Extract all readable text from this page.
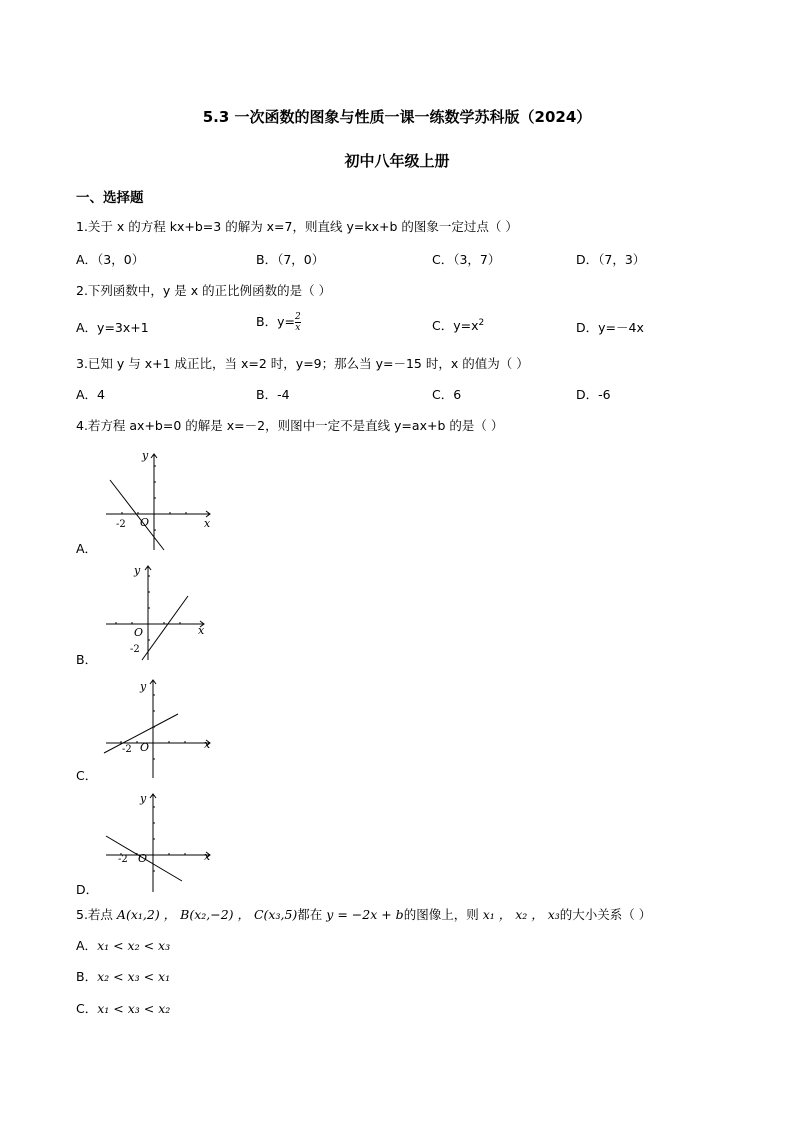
5.3 一次函数的图象与性质一课一练数学苏科版（2024）
初中八年级上册
一、选择题
1.关于 x 的方程 kx+b=3 的解为 x=7，则直线 y=kx+b 的图象一定过点（ ）
A．（3，0）	B．（7，0）	C．（3，7）	D．（7，3）
2.下列函数中，y 是 x 的正比例函数的是（ ）
A．y=3x+1	B．$y= \frac{2}{x}$	C．$y=x^2$	D．y=－4x
3.已知 y 与 x+1 成正比，当 x=2 时，y=9；那么当 y=－15 时，x 的值为（ ）
A．4	B．-4	C．6	D．-6
4.若方程 ax+b=0 的解是 x=－2，则图中一定不是直线 y=ax+b 的是（ ）
y
x
O
-2
A．
y
x
O
-2
B．
y
x
O
-2
C．
y
x
O
-2
D．
5.若点 A(x₁,2) ， B(x₂,−2) ， C(x₃,5)都在 y = −2x + b的图像上，则 x₁ ， x₂ ， x₃的大小关系（ ）
A．x₁ < x₂ < x₃
B．x₂ < x₃ < x₁
C．x₁ < x₃ < x₂
